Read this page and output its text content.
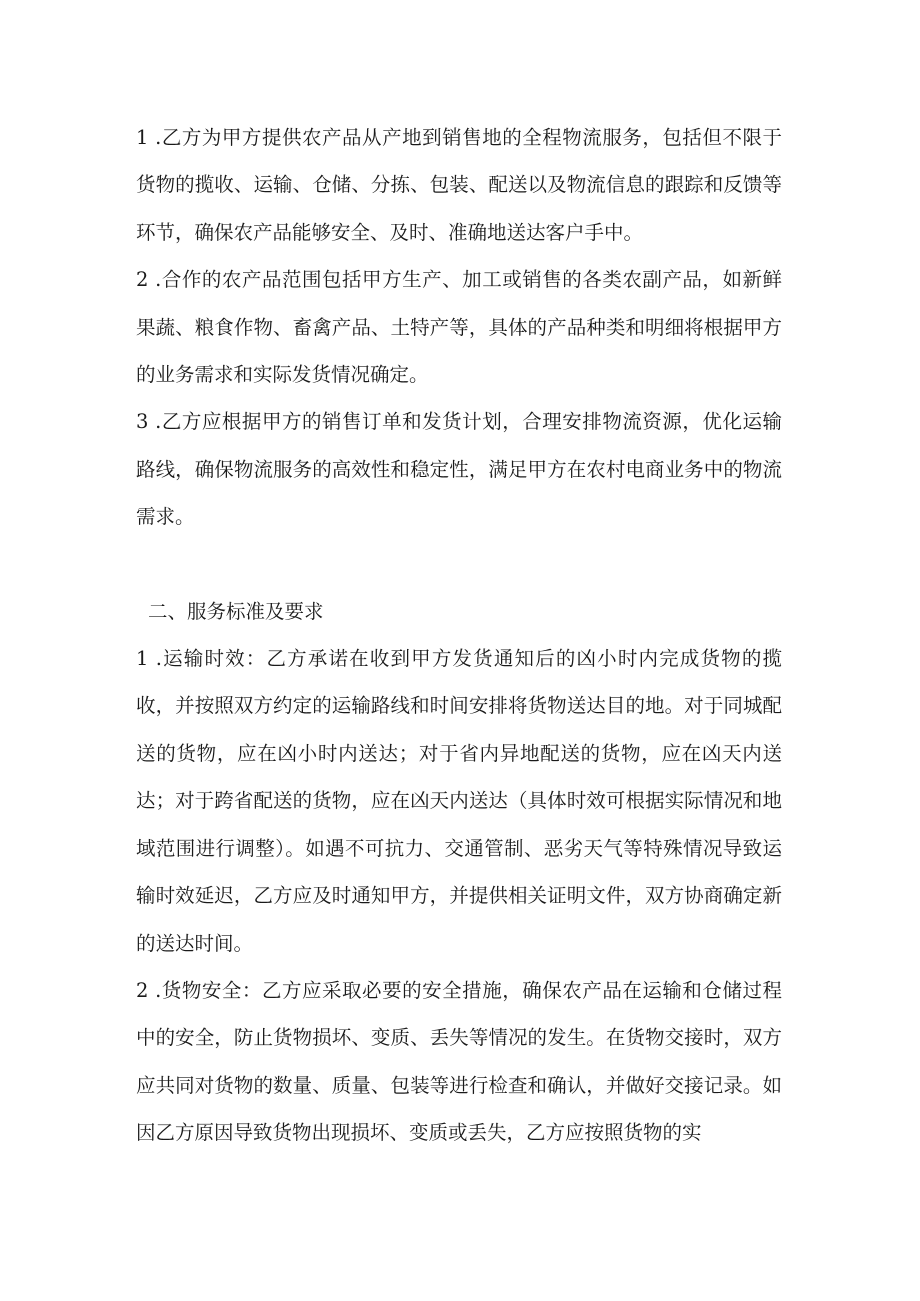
1 .乙方为甲方提供农产品从产地到销售地的全程物流服务，包括但不限于货物的揽收、运输、仓储、分拣、包装、配送以及物流信息的跟踪和反馈等环节，确保农产品能够安全、及时、准确地送达客户手中。

2 .合作的农产品范围包括甲方生产、加工或销售的各类农副产品，如新鲜果蔬、粮食作物、畜禽产品、土特产等，具体的产品种类和明细将根据甲方的业务需求和实际发货情况确定。

3 .乙方应根据甲方的销售订单和发货计划，合理安排物流资源，优化运输路线，确保物流服务的高效性和稳定性，满足甲方在农村电商业务中的物流需求。

二、服务标准及要求

1 .运输时效：乙方承诺在收到甲方发货通知后的凶小时内完成货物的揽收，并按照双方约定的运输路线和时间安排将货物送达目的地。对于同城配送的货物，应在凶小时内送达；对于省内异地配送的货物，应在凶天内送达；对于跨省配送的货物，应在凶天内送达（具体时效可根据实际情况和地域范围进行调整）。如遇不可抗力、交通管制、恶劣天气等特殊情况导致运输时效延迟，乙方应及时通知甲方，并提供相关证明文件，双方协商确定新的送达时间。

2 .货物安全：乙方应采取必要的安全措施，确保农产品在运输和仓储过程中的安全，防止货物损坏、变质、丢失等情况的发生。在货物交接时，双方应共同对货物的数量、质量、包装等进行检查和确认，并做好交接记录。如因乙方原因导致货物出现损坏、变质或丢失，乙方应按照货物的实
